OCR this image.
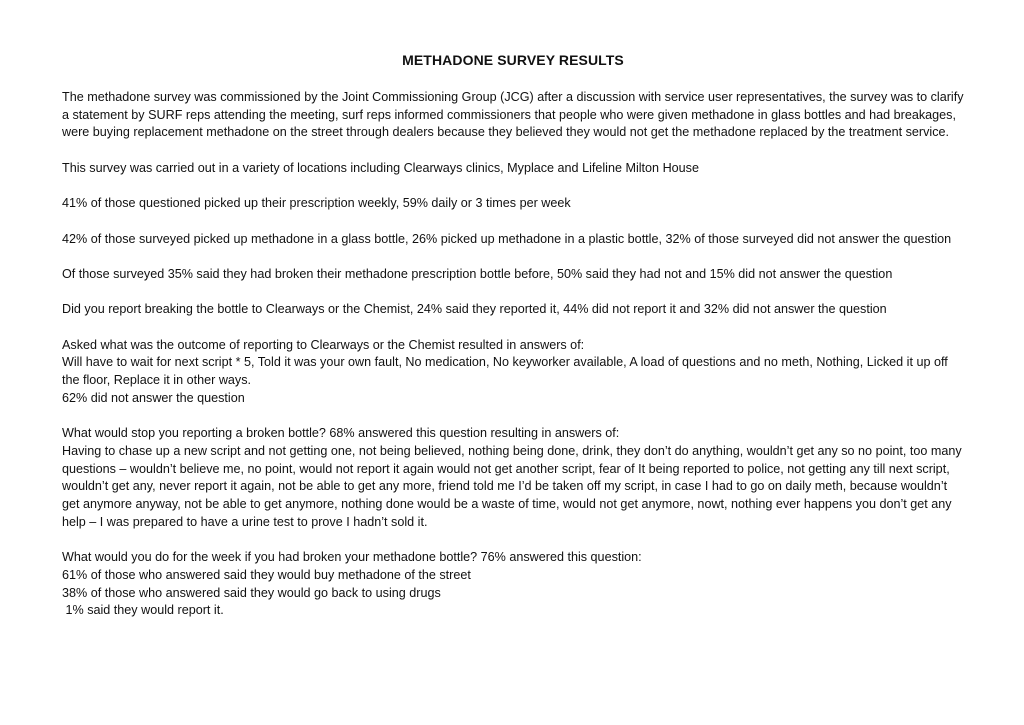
METHADONE SURVEY RESULTS

The methadone survey was commissioned by the Joint Commissioning Group (JCG) after a discussion with service user representatives, the survey was to clarify a statement by SURF reps attending the meeting, surf reps informed commissioners that people who were given methadone in glass bottles and had breakages, were buying replacement methadone on the street through dealers because they believed they would not get the methadone replaced by the treatment service.

This survey was carried out in a variety of locations including Clearways clinics, Myplace and Lifeline Milton House

41% of those questioned picked up their prescription weekly, 59% daily or 3 times per week

42% of those surveyed picked up methadone in a glass bottle, 26% picked up methadone in a plastic bottle, 32% of those surveyed did not answer the question

Of those surveyed 35% said they had broken their methadone prescription bottle before, 50% said they had not and 15% did not answer the question

Did you report breaking the bottle to Clearways or the Chemist, 24% said they reported it, 44% did not report it and 32% did not answer the question

Asked what was the outcome of reporting to Clearways or the Chemist resulted in answers of:
Will have to wait for next script * 5, Told it was your own fault, No medication, No keyworker available, A load of questions and no meth, Nothing, Licked it up off the floor, Replace it in other ways.
62% did not answer the question
What would stop you reporting a broken bottle? 68% answered this question resulting in answers of:
Having to chase up a new script and not getting one, not being believed, nothing being done, drink, they don’t do anything, wouldn’t get any so no point, too many questions – wouldn’t believe me, no point, would not report it again would not get another script, fear of It being reported to police, not getting any till next script, wouldn’t get any, never report it again, not be able to get any more, friend told me I’d be taken off my script, in case I had to go on daily meth, because wouldn’t get anymore anyway, not be able to get anymore, nothing done would be a waste of time, would not get anymore, nowt, nothing ever happens you don’t get any help – I was prepared to have a urine test to prove I hadn’t sold it.
What would you do for the week if you had broken your methadone bottle? 76% answered this question:
61% of those who answered said they would buy methadone of the street
38% of those who answered said they would go back to using drugs
1% said they would report it.
